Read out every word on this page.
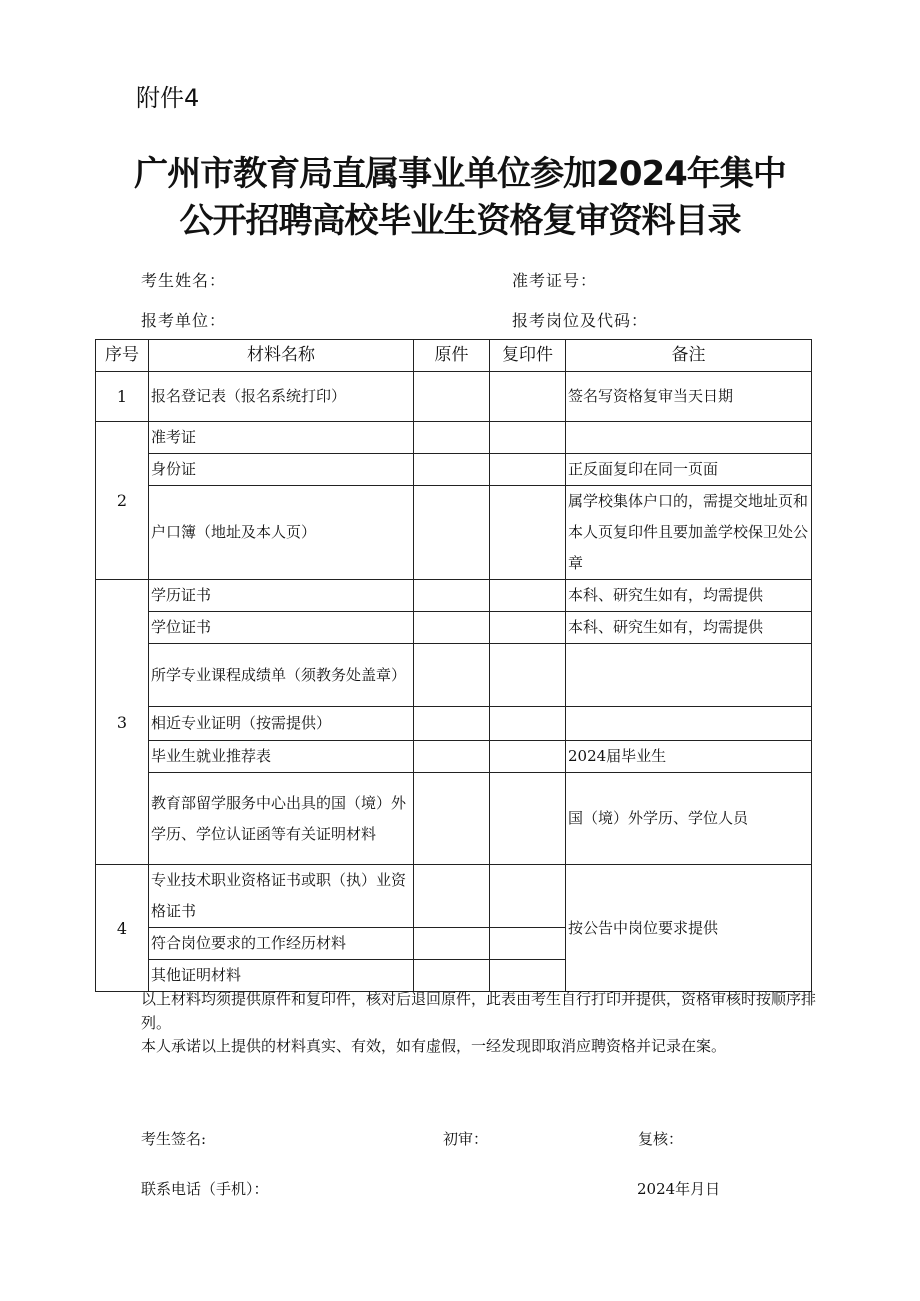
附件4
广州市教育局直属事业单位参加2024年集中
公开招聘高校毕业生资格复审资料目录
考生姓名：	准考证号：
报考单位：	报考岗位及代码：
序号	材料名称	原件	复印件	备注
1	报名登记表（报名系统打印）			签名写资格复审当天日期
2	准考证			
	身份证			正反面复印在同一页面
	户口簿（地址及本人页）			属学校集体户口的，需提交地址页和本人页复印件且要加盖学校保卫处公章
3	学历证书			本科、研究生如有，均需提供
	学位证书			本科、研究生如有，均需提供
	所学专业课程成绩单（须教务处盖章）			
	相近专业证明（按需提供）			
	毕业生就业推荐表			2024届毕业生
	教育部留学服务中心出具的国（境）外学历、学位认证函等有关证明材料			国（境）外学历、学位人员
4	专业技术职业资格证书或职（执）业资格证书			按公告中岗位要求提供
	符合岗位要求的工作经历材料			
	其他证明材料			
以上材料均须提供原件和复印件，核对后退回原件，此表由考生自行打印并提供，资格审核时按顺序排列。
本人承诺以上提供的材料真实、有效，如有虚假，一经发现即取消应聘资格并记录在案。
考生签名:	初审：	复核：
联系电话（手机）：	2024年月日
